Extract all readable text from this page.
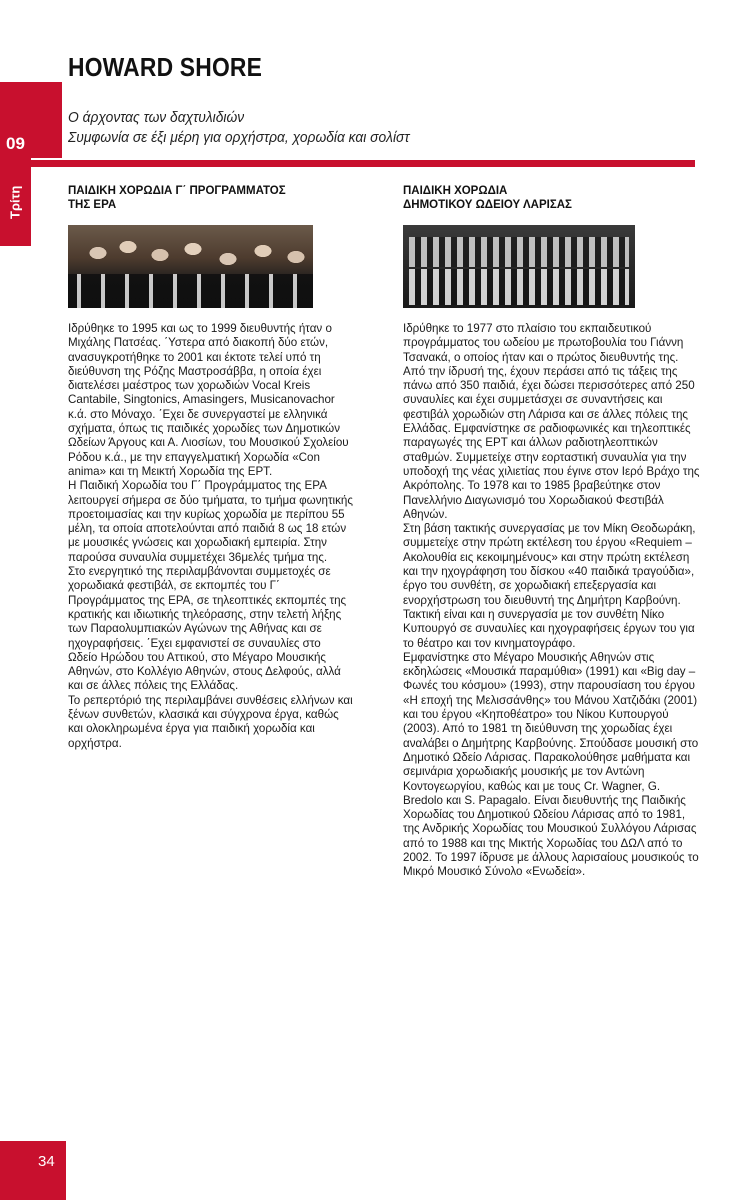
09
HOWARD SHORE
Ο άρχοντας των δαχτυλιδιών
Συμφωνία σε έξι μέρη για ορχήστρα, χορωδία και σολίστ
Τρίτη	ΠΑΙΔΙΚΗ ΧΟΡΩΔΙΑ Γ΄ ΠΡΟΓΡΑΜΜΑΤΟΣ
ΤΗΣ ΕΡΑ

Ιδρύθηκε το 1995 και ως το 1999 διευθυντής ήταν ο Μιχάλης Πατσέας. ΄Υστερα από διακοπή δύο ετών, ανασυγκροτήθηκε το 2001 και έκτοτε τελεί υπό τη διεύθυνση της Ρόζης Μαστροσάββα, η οποία έχει διατελέσει μαέστρος των χορωδιών Vocal Kreis Cantabile, Singtonics, Amasingers, Musicanovachor κ.ά. στο Μόναχο. ΄Εχει δε συνεργαστεί με ελληνικά σχήματα, όπως τις παιδικές χορωδίες των Δημοτικών Ωδείων Άργους και Α. Λιοσίων, του Μουσικού Σχολείου Ρόδου κ.ά., με την επαγγελματική Χορωδία «Con anima» και τη Μεικτή Χορωδία της ΕΡΤ.

Η Παιδική Χορωδία του Γ΄ Προγράμματος της ΕΡΑ λειτουργεί σήμερα σε δύο τμήματα, το τμήμα φωνητικής προετοιμασίας και την κυρίως χορωδία με περίπου 55 μέλη, τα οποία αποτελούνται από παιδιά 8 ως 18 ετών με μουσικές γνώσεις και χορωδιακή εμπειρία. Στην παρούσα συναυλία συμμετέχει 36μελές τμήμα της.

Στο ενεργητικό της περιλαμβάνονται συμμετοχές σε χορωδιακά φεστιβάλ, σε εκπομπές του Γ΄ Προγράμματος της ΕΡΑ, σε τηλεοπτικές εκπομπές της κρατικής και ιδιωτικής τηλεόρασης, στην τελετή λήξης των Παραολυμπιακών Αγώνων της Αθήνας και σε ηχογραφήσεις. ΄Εχει εμφανιστεί σε συναυλίες στο Ωδείο Ηρώδου του Αττικού, στο Μέγαρο Μουσικής Αθηνών, στο Κολλέγιο Αθηνών, στους Δελφούς, αλλά και σε άλλες πόλεις της Ελλάδας.

Το ρεπερτόριό της περιλαμβάνει συνθέσεις ελλήνων και ξένων συνθετών, κλασικά και σύγχρονα έργα, καθώς και ολοκληρωμένα έργα για παιδική χορωδία και ορχήστρα.

ΠΑΙΔΙΚΗ ΧΟΡΩΔΙΑ
ΔΗΜΟΤΙΚΟΥ ΩΔΕΙΟΥ ΛΑΡΙΣΑΣ

Ιδρύθηκε το 1977 στο πλαίσιο του εκπαιδευτικού προγράμματος του ωδείου με πρωτοβουλία του Γιάννη Τσανακά, ο οποίος ήταν και ο πρώτος διευθυντής της.

Από την ίδρυσή της, έχουν περάσει από τις τάξεις της πάνω από 350 παιδιά, έχει δώσει περισσότερες από 250 συναυλίες και έχει συμμετάσχει σε συναντήσεις και φεστιβάλ χορωδιών στη Λάρισα και σε άλλες πόλεις της Ελλάδας. Εμφανίστηκε σε ραδιοφωνικές και τηλεοπτικές παραγωγές της ΕΡΤ και άλλων ραδιοτηλεοπτικών σταθμών. Συμμετείχε στην εορταστική συναυλία για την υποδοχή της νέας χιλιετίας που έγινε στον Ιερό Βράχο της Ακρόπολης. Το 1978 και το 1985 βραβεύτηκε στον Πανελλήνιο Διαγωνισμό του Χορωδιακού Φεστιβάλ Αθηνών.

Στη βάση τακτικής συνεργασίας με τον Μίκη Θεοδωράκη, συμμετείχε στην πρώτη εκτέλεση του έργου «Requiem – Ακολουθία εις κεκοιμημένους» και στην πρώτη εκτέλεση και την ηχογράφηση του δίσκου «40 παιδικά τραγούδια», έργο του συνθέτη, σε χορωδιακή επεξεργασία και ενορχήστρωση του διευθυντή της Δημήτρη Καρβούνη. Τακτική είναι και η συνεργασία με τον συνθέτη Νίκο Κυπουργό σε συναυλίες και ηχογραφήσεις έργων του για το θέατρο και τον κινηματογράφο.

Εμφανίστηκε στο Μέγαρο Μουσικής Αθηνών στις εκδηλώσεις «Μουσικά παραμύθια» (1991) και «Big day – Φωνές του κόσμου» (1993), στην παρουσίαση του έργου «Η εποχή της Μελισσάνθης» του Μάνου Χατζιδάκι (2001) και του έργου «Κηποθέατρο» του Νίκου Κυπουργού (2003). Από το 1981 τη διεύθυνση της χορωδίας έχει αναλάβει ο Δημήτρης Καρβούνης. Σπούδασε μουσική στο Δημοτικό Ωδείο Λάρισας. Παρακολούθησε μαθήματα και σεμινάρια χορωδιακής μουσικής με τον Αντώνη Κοντογεωργίου, καθώς και με τους Cr. Wagner, G. Bredolo και S. Papagalo. Είναι διευθυντής της Παιδικής Χορωδίας του Δημοτικού Ωδείου Λάρισας από το 1981, της Ανδρικής Χορωδίας του Μουσικού Συλλόγου Λάρισας από το 1988 και της Μικτής Χορωδίας του ΔΩΛ από το 2002. Το 1997 ίδρυσε με άλλους λαρισαίους μουσικούς το Μικρό Μουσικό Σύνολο «Ενωδεία».

34
